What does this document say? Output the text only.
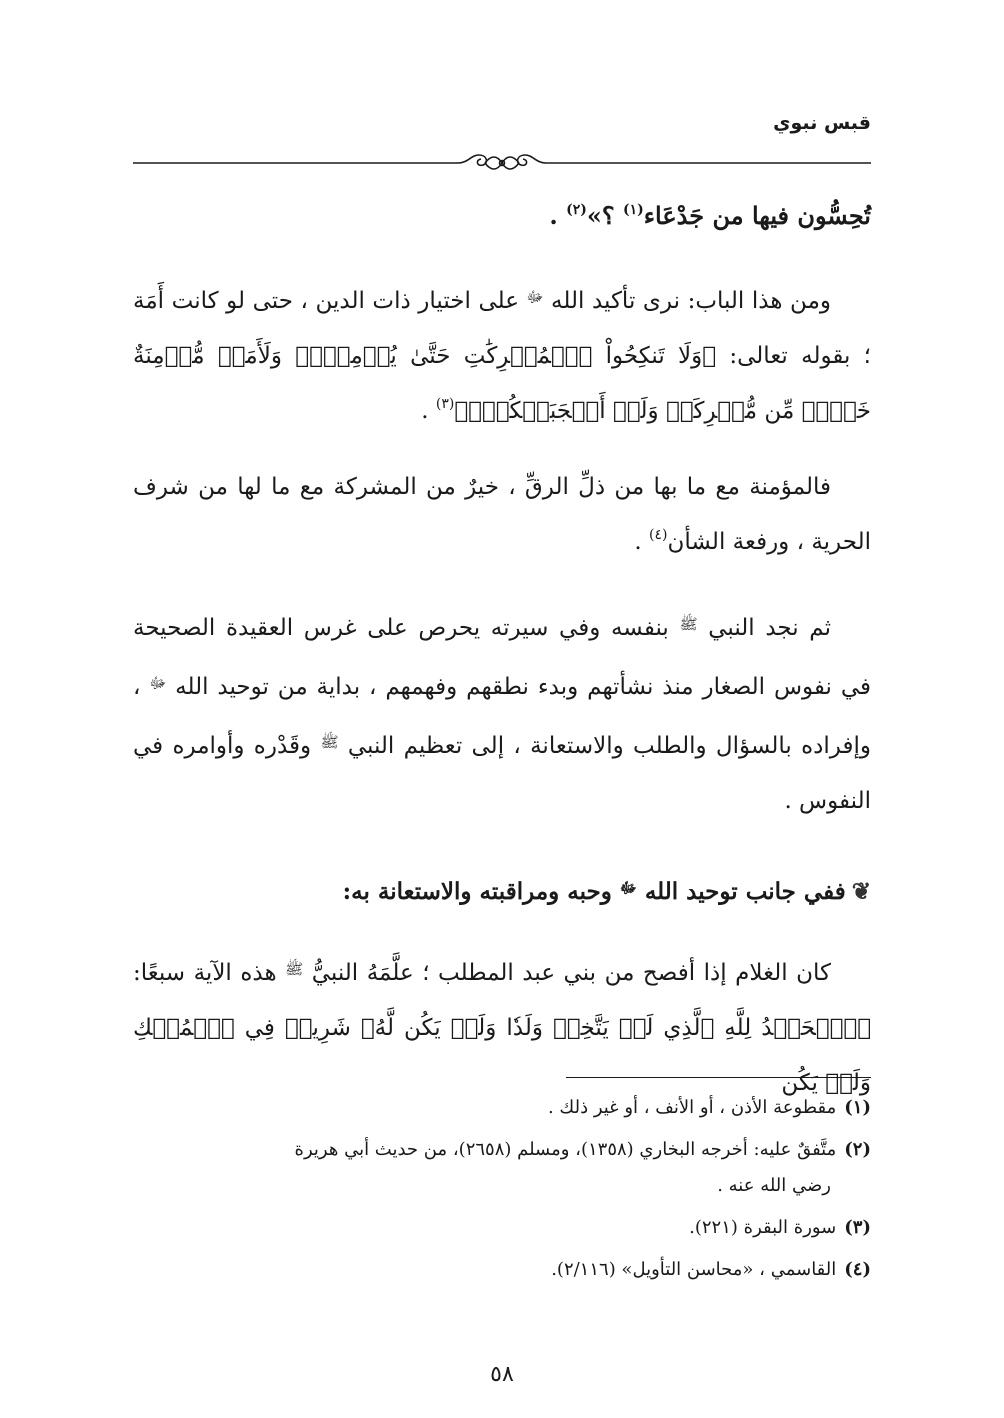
قبس نبوي

تُحِسُّون فيها من جَدْعَاء$^{(١)}$ ؟»$^{(٢)}$ .

ومن هذا الباب: نرى تأكيد الله $^ﷻ$ على اختيار ذات الدين ، حتى لو كانت أَمَة ؛ بقوله تعالى: ﴿وَلَا تَنكِحُواْ ٱلۡمُشۡرِكَٰتِ حَتَّىٰ يُؤۡمِنَّۚ وَلَأَمَةٞ مُّؤۡمِنَةٌ خَيۡرٞ مِّن مُّشۡرِكَةٖ وَلَوۡ أَعۡجَبَتۡكُمۡۗ﴾$^{(٣)}$ .

فالمؤمنة مع ما بها من ذلِّ الرقِّ ، خيرٌ من المشركة مع ما لها من شرف الحرية ، ورفعة الشأن$^{(٤)}$ .

ثم نجد النبي $^ﷺ$ بنفسه وفي سيرته يحرص على غرس العقيدة الصحيحة في نفوس الصغار منذ نشأتهم وبدء نطقهم وفهمهم ، بداية من توحيد الله $^ﷻ$ ، وإفراده بالسؤال والطلب والاستعانة ، إلى تعظيم النبي $^ﷺ$ وقَدْره وأوامره في النفوس .

❦ففي جانب توحيد الله $^ﷻ$ وحبه ومراقبته والاستعانة به:

كان الغلام إذا أفصح من بني عبد المطلب ؛ علَّمَهُ النبيُّ $^ﷺ$ هذه الآية سبعًا: ﴿ٱلۡحَمۡدُ لِلَّهِ ٱلَّذِي لَمۡ يَتَّخِذۡ وَلَدٗا وَلَمۡ يَكُن لَّهُۥ شَرِيكٞ فِي ٱلۡمُلۡكِ وَلَمۡ يَكُن

(١)مقطوعة الأذن ، أو الأنف ، أو غير ذلك .
(٢)متَّفقٌ عليه: أخرجه البخاري (١٣٥٨)، ومسلم (٢٦٥٨)، من حديث أبي هريرة
رضي الله عنه .
(٣)سورة البقرة (٢٢١).
(٤)القاسمي ، «محاسن التأويل» (٢/١١٦).
٥٨
